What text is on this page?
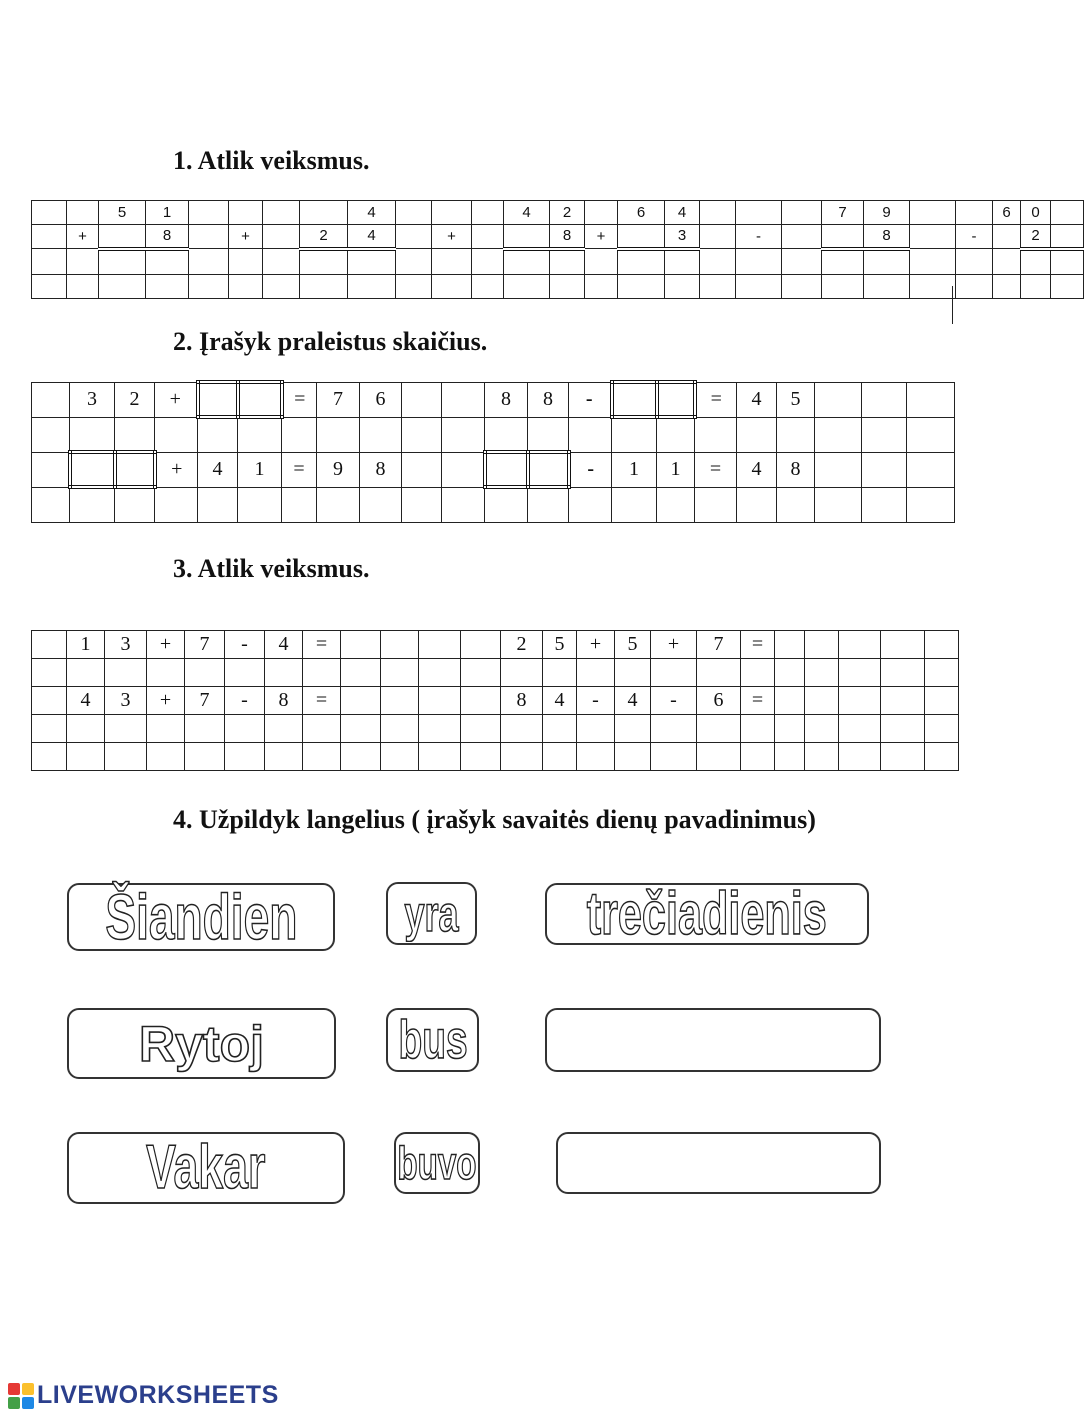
1. Atlik veiksmus.
2. Įrašyk praleistus skaičius.
3. Atlik veiksmus.
4. Užpildyk langelius ( įrašyk savaitės dienų pavadinimus)
		5	1					4				4	2		6	4				7	9			6	0	
	+		8		+		2	4		+			8	+		3		-			8		-		2	

	3	2	+			=	7	6			8	8	-			=	4	5			

			+	4	1	=	9	8					-	1	1	=	4	8			

	1	3	+	7	-	4	=					2	5	+	5	+	7	=					

	4	3	+	7	-	8	=					8	4	-	4	-	6	=					

Šiandien yra trečiadienis
Rytoj bus
Vakar	buvo
LIVEWORKSHEETS
